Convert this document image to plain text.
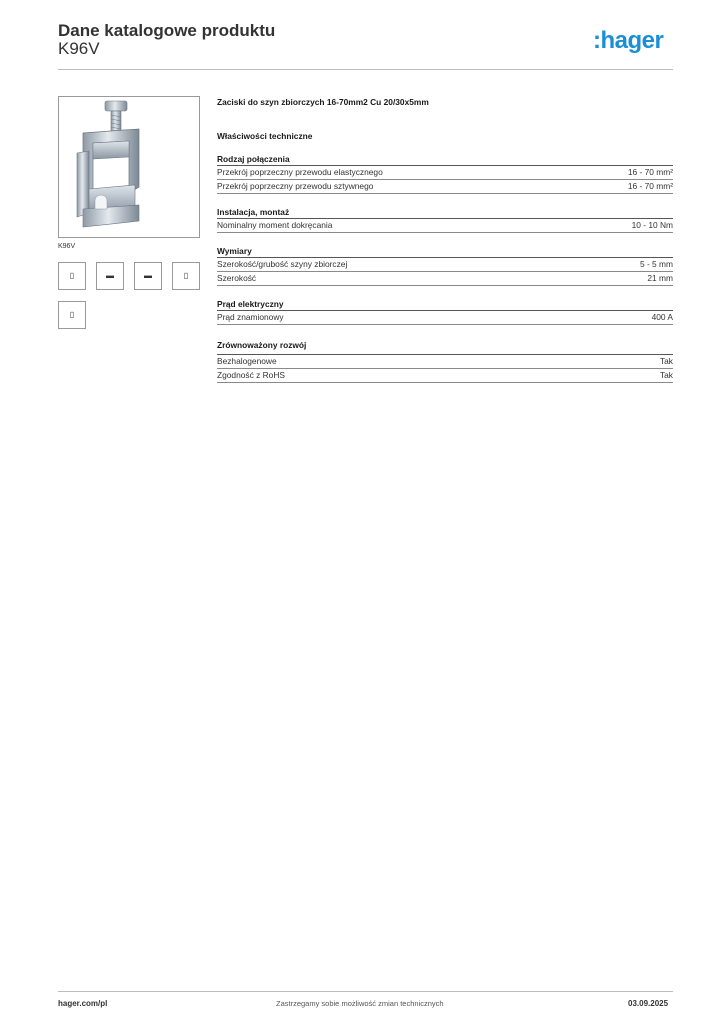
Dane katalogowe produktu
K96V	:hager
K96V
▯	▬	▬	▯
▯
Zaciski do szyn zbiorczych 16-70mm2 Cu 20/30x5mm
Właściwości techniczne
Rodzaj połączenia
Przekrój poprzeczny przewodu elastycznego	16 - 70 mm²
Przekrój poprzeczny przewodu sztywnego	16 - 70 mm²
Instalacja, montaż
Nominalny moment dokręcania	10 - 10 Nm
Wymiary
Szerokość/grubość szyny zbiorczej	5 - 5 mm
Szerokość	21 mm
Prąd elektryczny
Prąd znamionowy	400 A
Zrównoważony rozwój
Bezhalogenowe	Tak
Zgodność z RoHS	Tak
hager.com/pl	Zastrzegamy sobie możliwość zmian technicznych	03.09.2025
